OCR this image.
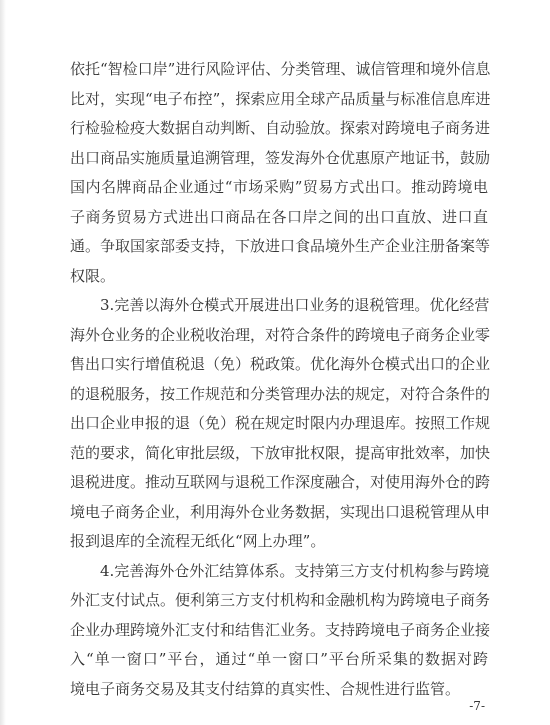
依托“智检口岸”进行风险评估、分类管理、诚信管理和境外信息
比对，实现“电子布控”，探索应用全球产品质量与标准信息库进
行检验检疫大数据自动判断、自动验放。探索对跨境电子商务进
出口商品实施质量追溯管理，签发海外仓优惠原产地证书，鼓励
国内名牌商品企业通过“市场采购”贸易方式出口。推动跨境电
子商务贸易方式进出口商品在各口岸之间的出口直放、进口直
通。争取国家部委支持，下放进口食品境外生产企业注册备案等
权限。
3.完善以海外仓模式开展进出口业务的退税管理。优化经营
海外仓业务的企业税收治理，对符合条件的跨境电子商务企业零
售出口实行增值税退（免）税政策。优化海外仓模式出口的企业
的退税服务，按工作规范和分类管理办法的规定，对符合条件的
出口企业申报的退（免）税在规定时限内办理退库。按照工作规
范的要求，简化审批层级，下放审批权限，提高审批效率，加快
退税进度。推动互联网与退税工作深度融合，对使用海外仓的跨
境电子商务企业，利用海外仓业务数据，实现出口退税管理从申
报到退库的全流程无纸化“网上办理”。
4.完善海外仓外汇结算体系。支持第三方支付机构参与跨境
外汇支付试点。便利第三方支付机构和金融机构为跨境电子商务
企业办理跨境外汇支付和结售汇业务。支持跨境电子商务企业接
入“单一窗口”平台，通过“单一窗口”平台所采集的数据对跨
境电子商务交易及其支付结算的真实性、合规性进行监管。
-7-
